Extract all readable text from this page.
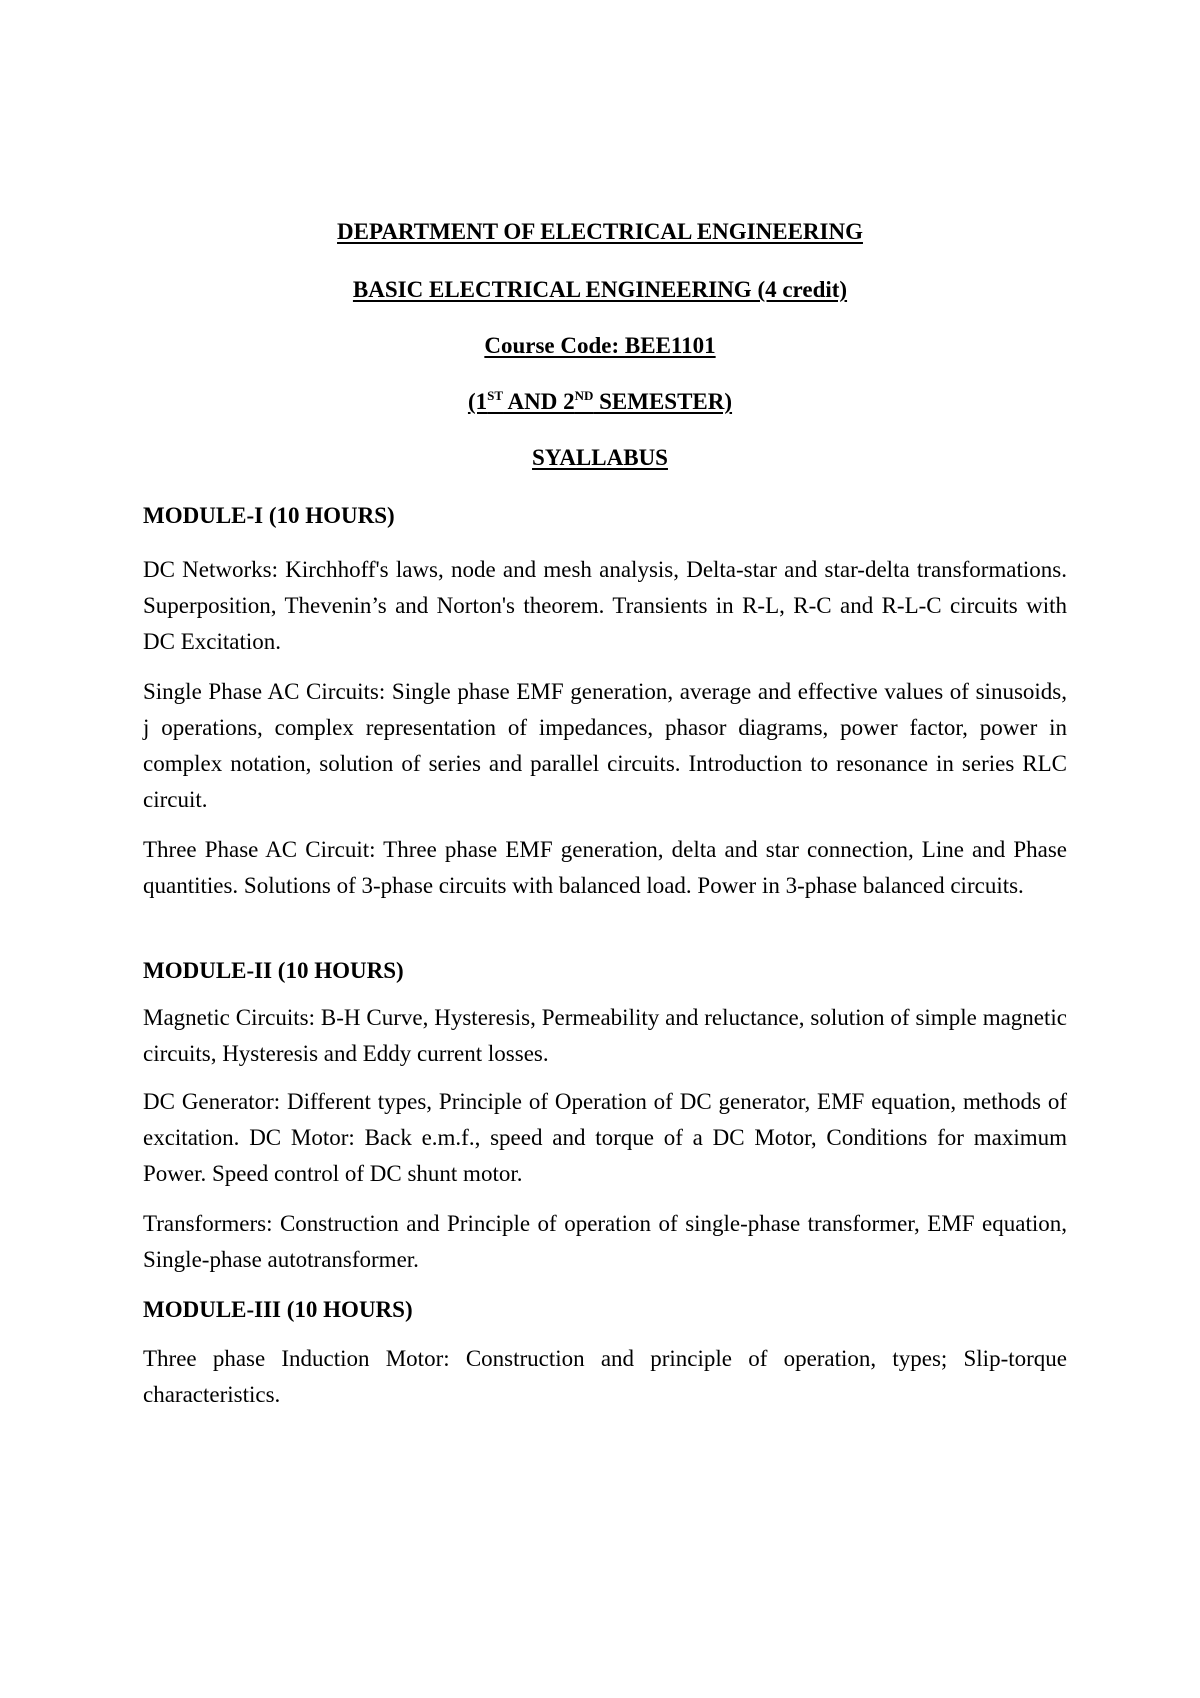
DEPARTMENT OF ELECTRICAL ENGINEERING
BASIC ELECTRICAL ENGINEERING (4 credit)
Course Code: BEE1101
(1ST AND 2ND SEMESTER)
SYALLABUS
MODULE-I (10 HOURS)
DC Networks: Kirchhoff's laws, node and mesh analysis, Delta-star and star-delta transformations. Superposition, Thevenin’s and Norton's theorem. Transients in R-L, R-C and R-L-C circuits with DC Excitation.
Single Phase AC Circuits: Single phase EMF generation, average and effective values of sinusoids, j operations, complex representation of impedances, phasor diagrams, power factor, power in complex notation, solution of series and parallel circuits. Introduction to resonance in series RLC circuit.
Three Phase AC Circuit: Three phase EMF generation, delta and star connection, Line and Phase quantities. Solutions of 3-phase circuits with balanced load. Power in 3-phase balanced circuits.
MODULE-II (10 HOURS)
Magnetic Circuits: B-H Curve, Hysteresis, Permeability and reluctance, solution of simple magnetic circuits, Hysteresis and Eddy current losses.
DC Generator: Different types, Principle of Operation of DC generator, EMF equation, methods of excitation. DC Motor: Back e.m.f., speed and torque of a DC Motor, Conditions for maximum Power. Speed control of DC shunt motor.
Transformers: Construction and Principle of operation of single-phase transformer, EMF equation, Single-phase autotransformer.
MODULE-III (10 HOURS)
Three phase Induction Motor: Construction and principle of operation, types; Slip-torque characteristics.
